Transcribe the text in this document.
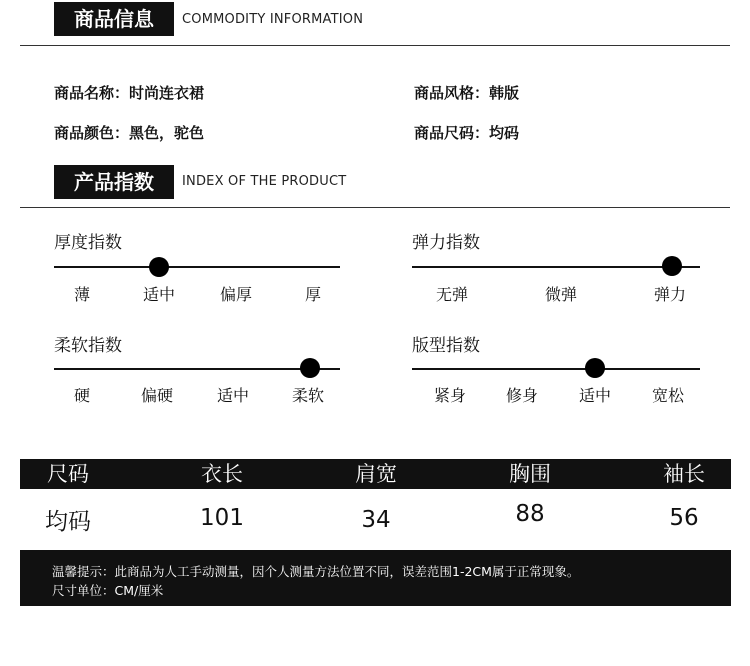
商品信息	COMMODITY INFORMATION
商品名称：时尚连衣裙	商品风格：韩版
商品颜色：黑色，驼色	商品尺码：均码
产品指数	INDEX OF THE PRODUCT
厚度指数
薄	适中	偏厚	厚
弹力指数
无弹	微弹	弹力
柔软指数
硬	偏硬	适中	柔软
版型指数
紧身	修身	适中	宽松
尺码	衣长	肩宽	胸围	袖长
均码	101	34	88	56
温馨提示：此商品为人工手动测量，因个人测量方法位置不同，误差范围1-2CM属于正常现象。
尺寸单位：CM/厘米
